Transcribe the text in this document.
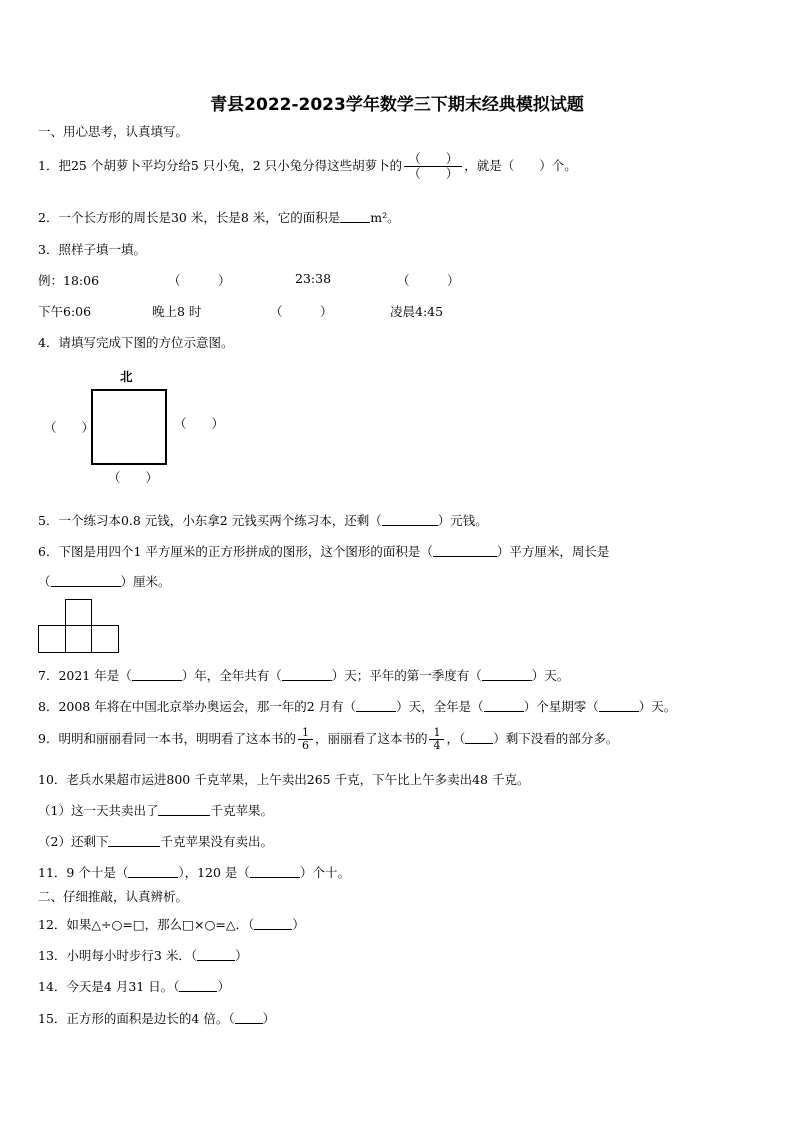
青县2022-2023学年数学三下期末经典模拟试题
一、用心思考，认真填写。
1．把25 个胡萝卜平均分给5 只小兔，2 只小兔分得这些胡萝卜的 $\frac{( )}{( )}$ ，就是（　　）个。
2．一个长方形的周长是30 米，长是8 米，它的面积是 m²。
3．照样子填一填。
例：18:06	（　　　）	23:38	（　　　）
下午6:06	晚上8 时	（　　　）	凌晨4:45
4．请填写完成下图的方位示意图。
北
（　　）	（　　）
（　　）
5．一个练习本0.8 元钱，小东拿2 元钱买两个练习本，还剩（	）元钱。
6．下图是用四个1 平方厘米的正方形拼成的图形，这个图形的面积是（	）平方厘米，周长是
（	）厘米。
7．2021 年是（	）年，全年共有（	）天；平年的第一季度有（	）天。
8．2008 年将在中国北京举办奥运会，那一年的2 月有（	）天，全年是（	）个星期零（	）天。
9．明明和丽丽看同一本书，明明看了这本书的 $\frac{1}{6}$ ，丽丽看了这本书的 $\frac{1}{4}$ ，（ ）剩下没看的部分多。
10．老兵水果超市运进800 千克苹果，上午卖出265 千克，下午比上午多卖出48 千克。
（1）这一天共卖出了	千克苹果。
（2）还剩下	千克苹果没有卖出。
11．9 个十是（	），120 是（	）个十。
二、仔细推敲，认真辨析。
12．如果△÷○=□，那么□×○=△．（	）
13．小明每小时步行3 米．（	）
14．今天是4 月31 日。（	）
15．正方形的面积是边长的4 倍。（ ）
